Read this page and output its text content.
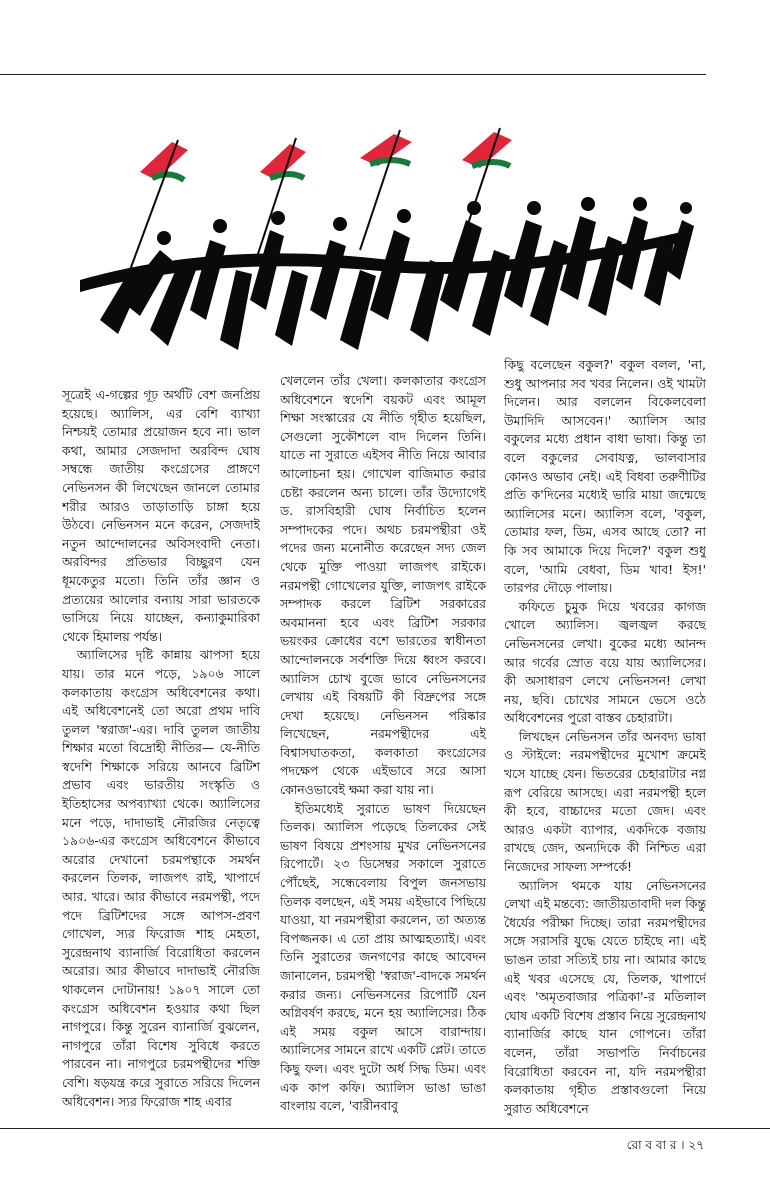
সূত্রেই এ-গল্পের গূঢ় অর্থটি বেশ জনপ্রিয় হয়েছে। অ্যালিস, এর বেশি ব্যাখ্যা নিশ্চয়ই তোমার প্রয়োজন হবে না। ভাল কথা, আমার সেজদাদা অরবিন্দ ঘোষ সম্বন্ধে জাতীয় কংগ্রেসের প্রাঙ্গণে নেভিনসন কী লিখেছেন জানলে তোমার শরীর আরও তাড়াতাড়ি চাঙ্গা হয়ে উঠবে। নেভিনসন মনে করেন, সেজদাই নতুন আন্দোলনের অবিসংবাদী নেতা। অরবিন্দর প্রতিভার বিচ্ছুরণ যেন ধূমকেতুর মতো। তিনি তাঁর জ্ঞান ও প্রত্যয়ের আলোর বন্যায় সারা ভারতকে ভাসিয়ে নিয়ে যাচ্ছেন, কন্যাকুমারিকা থেকে হিমালয় পর্যন্ত।

অ্যালিসের দৃষ্টি কান্নায় ঝাপসা হয়ে যায়। তার মনে পড়ে, ১৯০৬ সালে কলকাতায় কংগ্রেস অধিবেশনের কথা। এই অধিবেশনেই তো অরো প্রথম দাবি তুলল 'স্বরাজ'-এর। দাবি তুলল জাতীয় শিক্ষার মতো বিদ্রোহী নীতির— যে-নীতি স্বদেশি শিক্ষাকে সরিয়ে আনবে ব্রিটিশ প্রভাব এবং ভারতীয় সংস্কৃতি ও ইতিহাসের অপব্যাখ্যা থেকে। অ্যালিসের মনে পড়ে, দাদাভাই নৌরজির নেতৃত্বে ১৯০৬-এর কংগ্রেস অধিবেশনে কীভাবে অরোর দেখানো চরমপন্থাকে সমর্থন করলেন তিলক, লাজপৎ রাই, খাপার্দে আর. খারে। আর কীভাবে নরমপন্থী, পদে পদে ব্রিটিশদের সঙ্গে আপস-প্রবণ গোখেল, স্যর ফিরোজ শাহ মেহতা, সুরেন্দ্রনাথ ব্যানার্জি বিরোধিতা করলেন অরোর। আর কীভাবে দাদাভাই নৌরজি থাকলেন দোটানায়! ১৯০৭ সালে তো কংগ্রেস অধিবেশন হওয়ার কথা ছিল নাগপুরে। কিন্তু সুরেন ব্যানার্জি বুঝলেন, নাগপুরে তাঁরা বিশেষ সুবিধে করতে পারবেন না। নাগপুরে চরমপন্থীদের শক্তি বেশি। ষড়যন্ত্র করে সুরাতে সরিয়ে দিলেন অধিবেশন। স্যর ফিরোজ শাহ এবার

খেললেন তাঁর খেলা। কলকাতার কংগ্রেস অধিবেশনে স্বদেশি বয়কট এবং আমূল শিক্ষা সংস্কারের যে নীতি গৃহীত হয়েছিল, সেগুলো সুকৌশলে বাদ দিলেন তিনি। যাতে না সুরাতে এইসব নীতি নিয়ে আবার আলোচনা হয়। গোখেল বাজিমাত করার চেষ্টা করলেন অন্য চালে। তাঁর উদ্যোগেই ড. রাসবিহারী ঘোষ নির্বাচিত হলেন সম্পাদকের পদে। অথচ চরমপন্থীরা ওই পদের জন্য মনোনীত করেছেন সদ্য জেল থেকে মুক্তি পাওয়া লাজপৎ রাইকে। নরমপন্থী গোখেলের যুক্তি, লাজপৎ রাইকে সম্পাদক করলে ব্রিটিশ সরকারের অবমাননা হবে এবং ব্রিটিশ সরকার ভয়ংকর ক্রোধের বশে ভারতের স্বাধীনতা আন্দোলনকে সর্বশক্তি দিয়ে ধ্বংস করবে। অ্যালিস চোখ বুজে ভাবে নেভিনসনের লেখায় এই বিষয়টি কী বিদ্রুপের সঙ্গে দেখা হয়েছে। নেভিনসন পরিষ্কার লিখেছেন, নরমপন্থীদের এই বিশ্বাসঘাতকতা, কলকাতা কংগ্রেসের পদক্ষেপ থেকে এইভাবে সরে আসা কোনওভাবেই ক্ষমা করা যায় না।

ইতিমধ্যেই সুরাতে ভাষণ দিয়েছেন তিলক। অ্যালিস পড়েছে তিলকের সেই ভাষণ বিষয়ে প্রশংসায় মুখর নেভিনসনের রিপোর্টে। ২৩ ডিসেম্বর সকালে সুরাতে পৌঁছেই, সন্ধেবেলায় বিপুল জনসভায় তিলক বলছেন, এই সময় এইভাবে পিছিয়ে যাওয়া, যা নরমপন্থীরা করলেন, তা অত্যন্ত বিপজ্জনক। এ তো প্রায় আত্মহত্যাই। এবং তিনি সুরাতের জনগণের কাছে আবেদন জানালেন, চরমপন্থী 'স্বরাজ'-বাদকে সমর্থন করার জন্য। নেভিনসনের রিপোর্টি যেন অগ্নিবর্ষণ করছে, মনে হয় অ্যালিসের। ঠিক এই সময় বকুল আসে বারান্দায়। অ্যালিসের সামনে রাখে একটি প্লেট। তাতে কিছু ফল। এবং দুটো অর্ধ সিদ্ধ ডিম। এবং এক কাপ কফি। অ্যালিস ভাঙা ভাঙা বাংলায় বলে, 'বারীনবাবু

কিছু বলেছেন বকুল?' বকুল বলল, 'না, শুধু আপনার সব খবর নিলেন। ওই খামটা দিলেন। আর বললেন বিকেলবেলা উমাদিদি আসবেন।' অ্যালিস আর বকুলের মধ্যে প্রধান বাধা ভাষা। কিন্তু তা বলে বকুলের সেবাযত্ন, ভালবাসার কোনও অভাব নেই। এই বিধবা তরুণীটির প্রতি ক'দিনের মধ্যেই ভারি মায়া জন্মেছে অ্যালিসের মনে। অ্যালিস বলে, 'বকুল, তোমার ফল, ডিম, এসব আছে তো? না কি সব আমাকে দিয়ে দিলে?' বকুল শুধু বলে, 'আমি বেধবা, ডিম খাব! ইস!' তারপর দৌড়ে পালায়।

কফিতে চুমুক দিয়ে খবরের কাগজ খোলে অ্যালিস। জ্বলজ্বল করছে নেভিনসনের লেখা। বুকের মধ্যে আনন্দ আর গর্বের স্রোত বয়ে যায় অ্যালিসের। কী অসাধারণ লেখে নেভিনসন! লেখা নয়, ছবি। চোখের সামনে ভেসে ওঠে অধিবেশনের পুরো বাস্তব চেহারাটা।

লিখছেন নেভিনসন তাঁর অনবদ্য ভাষা ও স্টাইলে: নরমপন্থীদের মুখোশ ক্রমেই খসে যাচ্ছে যেন। ভিতরের চেহারাটার নগ্ন রূপ বেরিয়ে আসছে। এরা নরমপন্থী হলে কী হবে, বাচ্চাদের মতো জেদ। এবং আরও একটা ব্যাপার, একদিকে বজায় রাখছে জেদ, অন্যদিকে কী নিশ্চিত এরা নিজেদের সাফল্য সম্পর্কে!

অ্যালিস থমকে যায় নেভিনসনের লেখা এই মন্তব্যে: জাতীয়তাবাদী দল কিন্তু ধৈর্যের পরীক্ষা দিচ্ছে। তারা নরমপন্থীদের সঙ্গে সরাসরি যুদ্ধে যেতে চাইছে না। এই ভাঙন তারা সত্যিই চায় না। আমার কাছে এই খবর এসেছে যে, তিলক, খাপার্দে এবং 'অমৃতবাজার পত্রিকা'-র মতিলাল ঘোষ একটি বিশেষ প্রস্তাব নিয়ে সুরেন্দ্রনাথ ব্যানার্জির কাছে যান গোপনে। তাঁরা বলেন, তাঁরা সভাপতি নির্বাচনের বিরোধিতা করবেন না, যদি নরমপন্থীরা কলকাতায় গৃহীত প্রস্তাবগুলো নিয়ে সুরাত অধিবেশনে

রো ব বা র । ২৭
